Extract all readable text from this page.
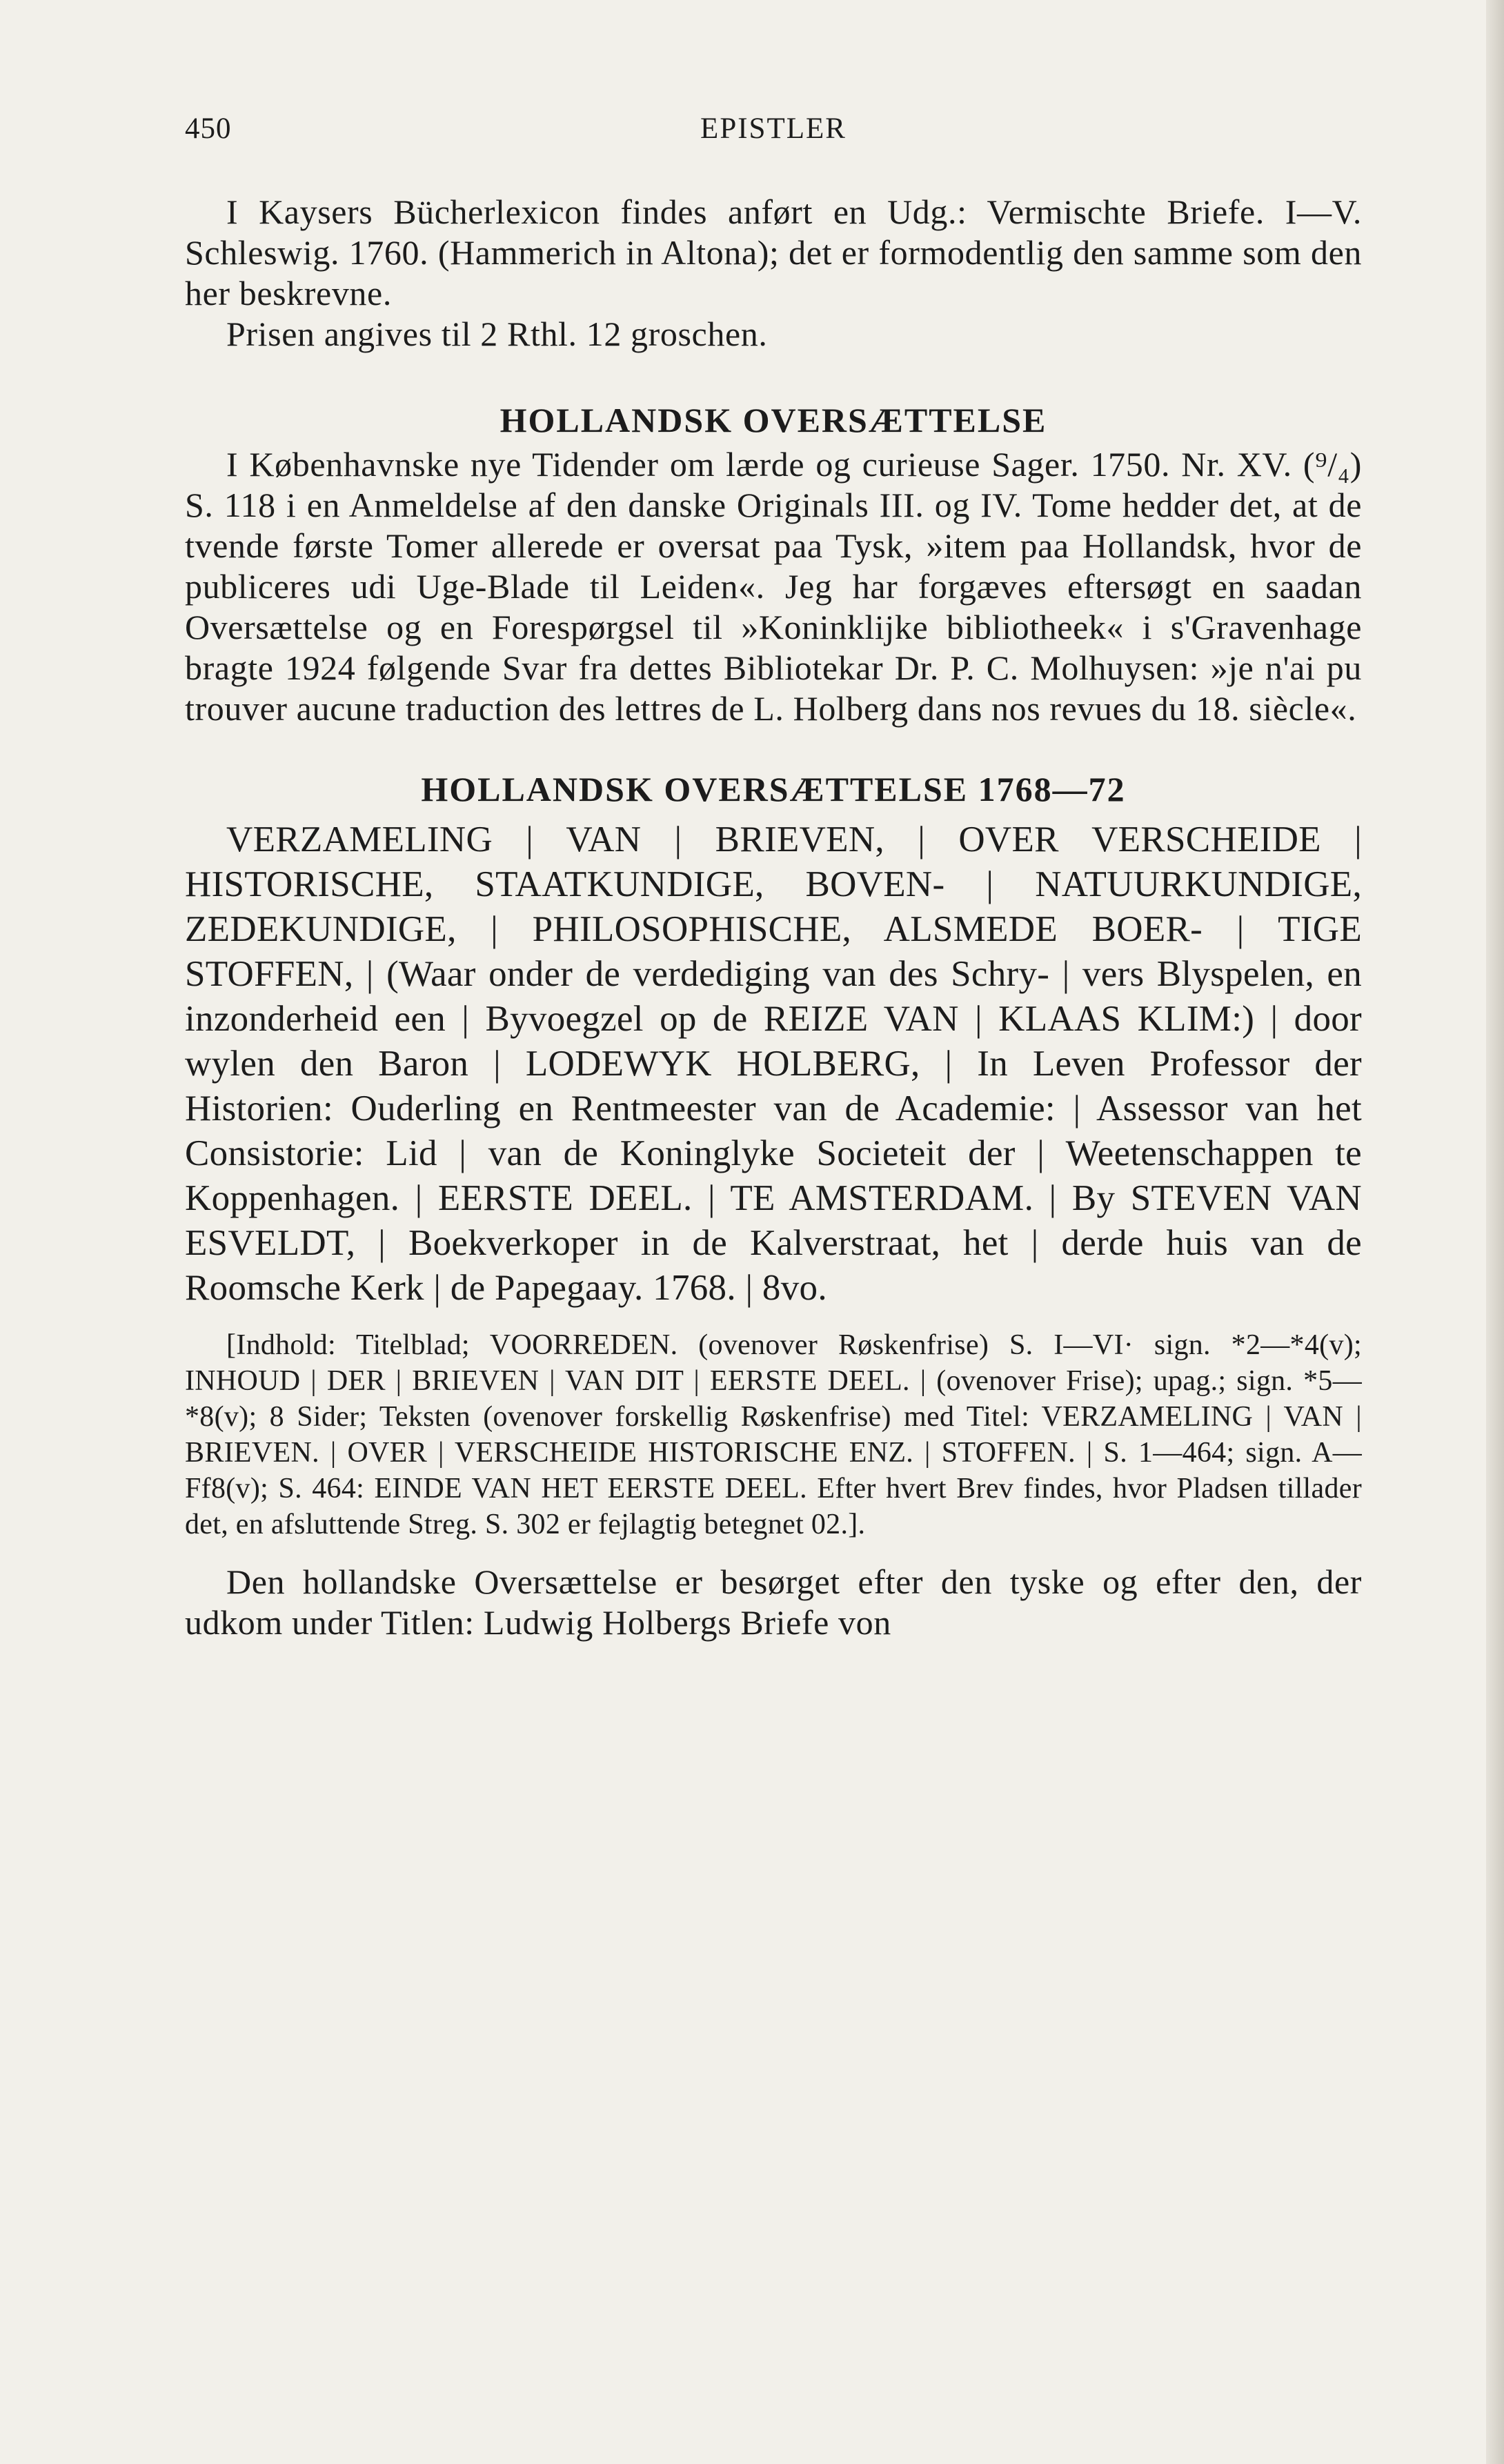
450	EPISTLER

I Kaysers Bücherlexicon findes anført en Udg.: Vermischte Briefe. I—V. Schleswig. 1760. (Hammerich in Altona); det er formodentlig den samme som den her beskrevne.

Prisen angives til 2 Rthl. 12 groschen.

HOLLANDSK OVERSÆTTELSE

I Københavnske nye Tidender om lærde og curieuse Sager. 1750. Nr. XV. (⁹/₄) S. 118 i en Anmeldelse af den danske Originals III. og IV. Tome hedder det, at de tvende første Tomer allerede er oversat paa Tysk, »item paa Hollandsk, hvor de publiceres udi Uge-Blade til Leiden«. Jeg har forgæves eftersøgt en saadan Oversættelse og en Forespørgsel til »Koninklijke bibliotheek« i s'Gravenhage bragte 1924 følgende Svar fra dettes Bibliotekar Dr. P. C. Molhuysen: »je n'ai pu trouver aucune traduction des lettres de L. Holberg dans nos revues du 18. siècle«.

HOLLANDSK OVERSÆTTELSE 1768—72

VERZAMELING | VAN | BRIEVEN, | OVER VERSCHEIDE | HISTORISCHE, STAATKUNDIGE, BOVEN- | NATUURKUNDIGE, ZEDEKUNDIGE, | PHILOSOPHISCHE, ALSMEDE BOER- | TIGE STOFFEN, | (Waar onder de verdediging van des Schry- | vers Blyspelen, en inzonderheid een | Byvoegzel op de REIZE VAN | KLAAS KLIM:) | door wylen den Baron | LODEWYK HOLBERG, | In Leven Professor der Historien: Ouderling en Rentmeester van de Academie: | Assessor van het Consistorie: Lid | van de Koninglyke Societeit der | Weetenschappen te Koppenhagen. | EERSTE DEEL. | TE AMSTERDAM. | By STEVEN VAN ESVELDT, | Boekverkoper in de Kalverstraat, het | derde huis van de Roomsche Kerk | de Papegaay. 1768. | 8vo.

[Indhold: Titelblad; VOORREDEN. (ovenover Røskenfrise) S. I—VI· sign. *2—*4(v); INHOUD | DER | BRIEVEN | VAN DIT | EERSTE DEEL. | (ovenover Frise); upag.; sign. *5—*8(v); 8 Sider; Teksten (ovenover forskellig Røskenfrise) med Titel: VERZAMELING | VAN | BRIEVEN. | OVER | VERSCHEIDE HISTORISCHE ENZ. | STOFFEN. | S. 1—464; sign. A—Ff8(v); S. 464: EINDE VAN HET EERSTE DEEL. Efter hvert Brev findes, hvor Pladsen tillader det, en afsluttende Streg. S. 302 er fejlagtig betegnet 02.].

Den hollandske Oversættelse er besørget efter den tyske og efter den, der udkom under Titlen: Ludwig Holbergs Briefe von
